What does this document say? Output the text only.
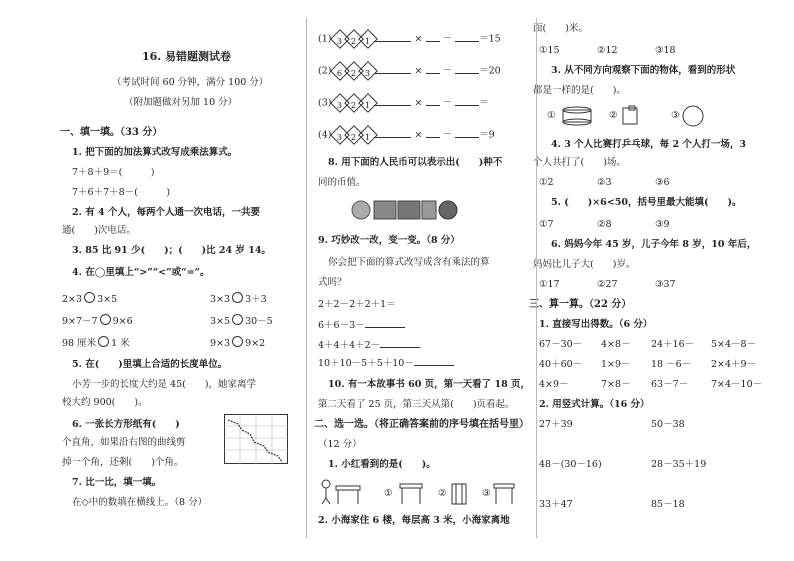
16. 易错题测试卷
（考试时间 60 分钟，满分 100 分）
（附加题做对另加 10 分）
一、填一填。（33 分）
1. 把下面的加法算式改写成乘法算式。
7＋8＋9＝(　　　)
7＋6＋7＋8－(　　　)
2. 有 4 个人，每两个人通一次电话，一共要
通(　　)次电话。
3. 85 比 91 少(　　)；(　　)比 24 岁 14。
4. 在◯里填上“>”“<”或“=”。
2×3 3×5	3×3 3＋3
9×7－7 9×6	3×5 30－5
98 厘米 1 米	9×3 9×2
5. 在(　　)里填上合适的长度单位。
小芳一步的长度大约是 45(　　)，她家离学
校大约 900(　　)。
6. 一张长方形纸有(　　)
个直角，如果沿右图的曲线剪
掉一个角，还剩(　　)个角。
7. 比一比，填一填。
在◇中的数填在横线上。（8 分）
(1) 3	2	1	× －	＝15
(2) 6	2	3	× －	＝20
(3) 3	2	1	× －	＝
(4) 3	2	1	× －	＝9
8. 用下面的人民币可以表示出(　　)种不
同的币值。
9. 巧妙改一改，变一变。（8 分）
你会把下面的算式改写成含有乘法的算
式吗？
2＋2－2＋2＋1＝
6＋6－3－
4＋4＋4＋2－
10＋10－5＋5＋10－
10. 有一本故事书 60 页，第一天看了 18 页，
第二天看了 25 页，第三天从第(　　)页看起。
二、选一选。（将正确答案前的序号填在括号里）
（12 分）
1. 小红看到的是(　　)。
①	②	③
2. 小海家住 6 楼，每层高 3 米，小海家离地
面(　　)米。
①15	②12	③18
3. 从不同方向观察下面的物体，看到的形状
都是一样的是(　　)。
①	②	③
4. 3 个人比赛打乒乓球，每 2 个人打一场，3
个人共打了(　　)场。
①2	②3	③6
5. (　　)×6<50，括号里最大能填(　　)。
①7	②8	③9
6. 妈妈今年 45 岁，儿子今年 8 岁，10 年后，
妈妈比儿子大(　　)岁。
①17	②27	③37
三、算一算。（22 分）
1. 直接写出得数。（6 分）
67－30－ 4×8－ 24＋16－ 5×4－8－
40＋60－ 1×9－ 18 －6－ 2×4＋9－
4×9－	7×8－ 63－7－ 7×4－10－
2. 用竖式计算。（16 分）
27＋39	50－38
48－(30－16)	28－35＋19
33＋47	85－18
